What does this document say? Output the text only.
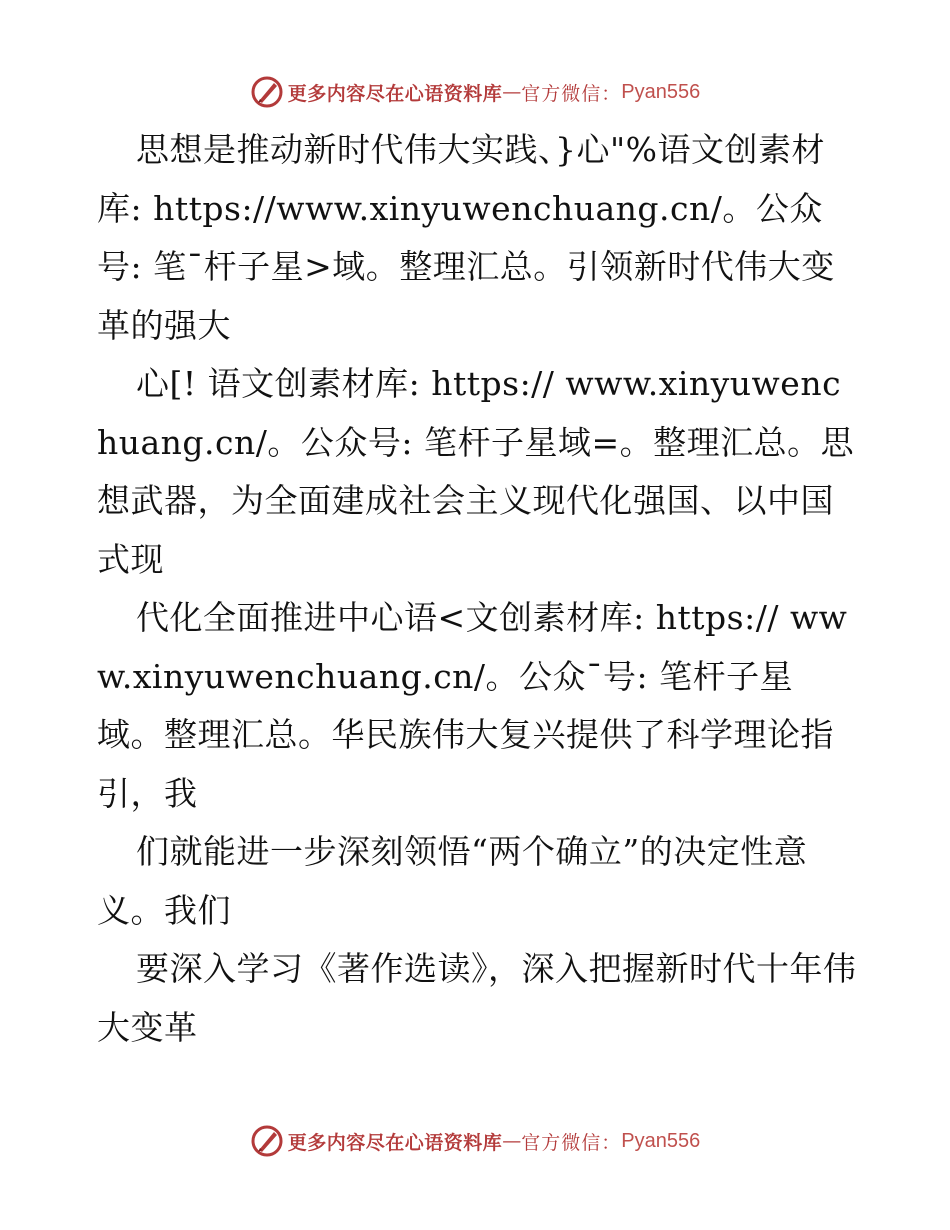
更多内容尽在心语资料库 — 官方微信： Pyan556

思想是推动新时代伟大实践、}心"%语文创素材库: https://www.xinyuwenchuang.cn/。公众号: 笔¯杆子星>域。整理汇总。引领新时代伟大变革的强大

心[! 语文创素材库: https:// www.xinyuwenchuang.cn/。公众号: 笔杆子星域=。整理汇总。思想武器，为全面建成社会主义现代化强国、以中国式现

代化全面推进中心语<文创素材库: https:// www.xinyuwenchuang.cn/。公众¯号: 笔杆子星 域。整理汇总。华民族伟大复兴提供了科学理论指引，我

们就能进一步深刻领悟“两个确立”的决定性意义。我们

要深入学习《著作选读》，深入把握新时代十年伟大变革

更多内容尽在心语资料库 — 官方微信： Pyan556
